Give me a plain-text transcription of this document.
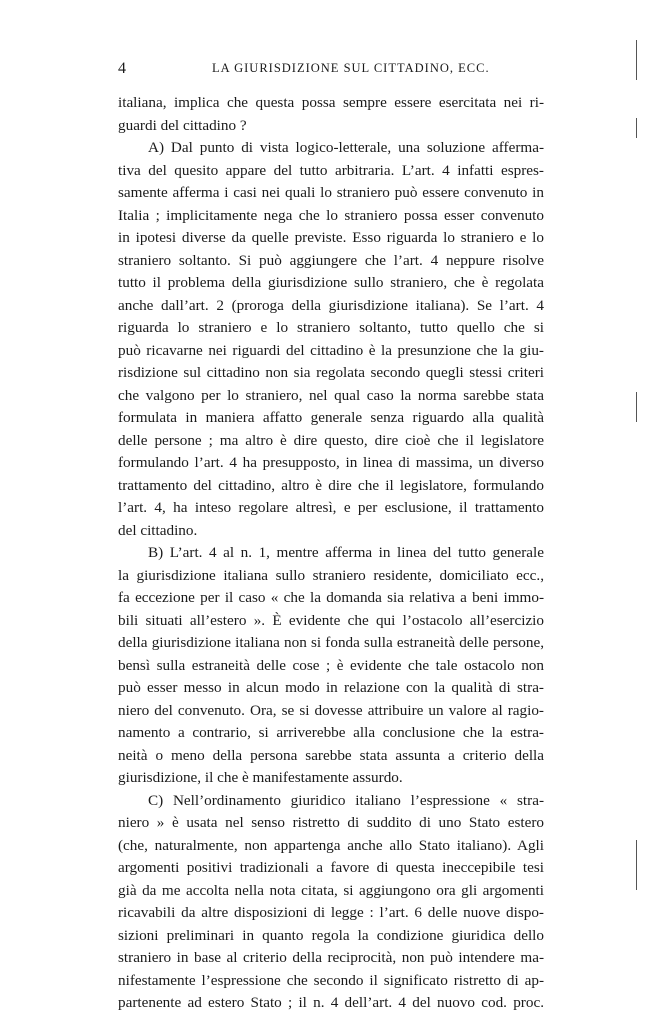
4	LA GIURISDIZIONE SUL CITTADINO, ECC.
italiana, implica che questa possa sempre essere esercitata nei ri-
guardi del cittadino ?
A) Dal punto di vista logico-letterale, una soluzione afferma-
tiva del quesito appare del tutto arbitraria. L’art. 4 infatti espres-
samente afferma i casi nei quali lo straniero può essere convenuto in
Italia ; implicitamente nega che lo straniero possa esser convenuto
in ipotesi diverse da quelle previste. Esso riguarda lo straniero e lo
straniero soltanto. Si può aggiungere che l’art. 4 neppure risolve
tutto il problema della giurisdizione sullo straniero, che è regolata
anche dall’art. 2 (proroga della giurisdizione italiana). Se l’art. 4
riguarda lo straniero e lo straniero soltanto, tutto quello che si
può ricavarne nei riguardi del cittadino è la presunzione che la giu-
risdizione sul cittadino non sia regolata secondo quegli stessi criteri
che valgono per lo straniero, nel qual caso la norma sarebbe stata
formulata in maniera affatto generale senza riguardo alla qualità
delle persone ; ma altro è dire questo, dire cioè che il legislatore
formulando l’art. 4 ha presupposto, in linea di massima, un diverso
trattamento del cittadino, altro è dire che il legislatore, formulando
l’art. 4, ha inteso regolare altresì, e per esclusione, il trattamento
del cittadino.
B) L’art. 4 al n. 1, mentre afferma in linea del tutto generale
la giurisdizione italiana sullo straniero residente, domiciliato ecc.,
fa eccezione per il caso « che la domanda sia relativa a beni immo-
bili situati all’estero ». È evidente che qui l’ostacolo all’esercizio
della giurisdizione italiana non si fonda sulla estraneità delle persone,
bensì sulla estraneità delle cose ; è evidente che tale ostacolo non
può esser messo in alcun modo in relazione con la qualità di stra-
niero del convenuto. Ora, se si dovesse attribuire un valore al ragio-
namento a contrario, si arriverebbe alla conclusione che la estra-
neità o meno della persona sarebbe stata assunta a criterio della
giurisdizione, il che è manifestamente assurdo.
C) Nell’ordinamento giuridico italiano l’espressione « stra-
niero » è usata nel senso ristretto di suddito di uno Stato estero
(che, naturalmente, non appartenga anche allo Stato italiano). Agli
argomenti positivi tradizionali a favore di questa ineccepibile tesi
già da me accolta nella nota citata, si aggiungono ora gli argomenti
ricavabili da altre disposizioni di legge : l’art. 6 delle nuove dispo-
sizioni preliminari in quanto regola la condizione giuridica dello
straniero in base al criterio della reciprocità, non può intendere ma-
nifestamente l’espressione che secondo il significato ristretto di ap-
partenente ad estero Stato ; il n. 4 dell’art. 4 del nuovo cod. proc.
